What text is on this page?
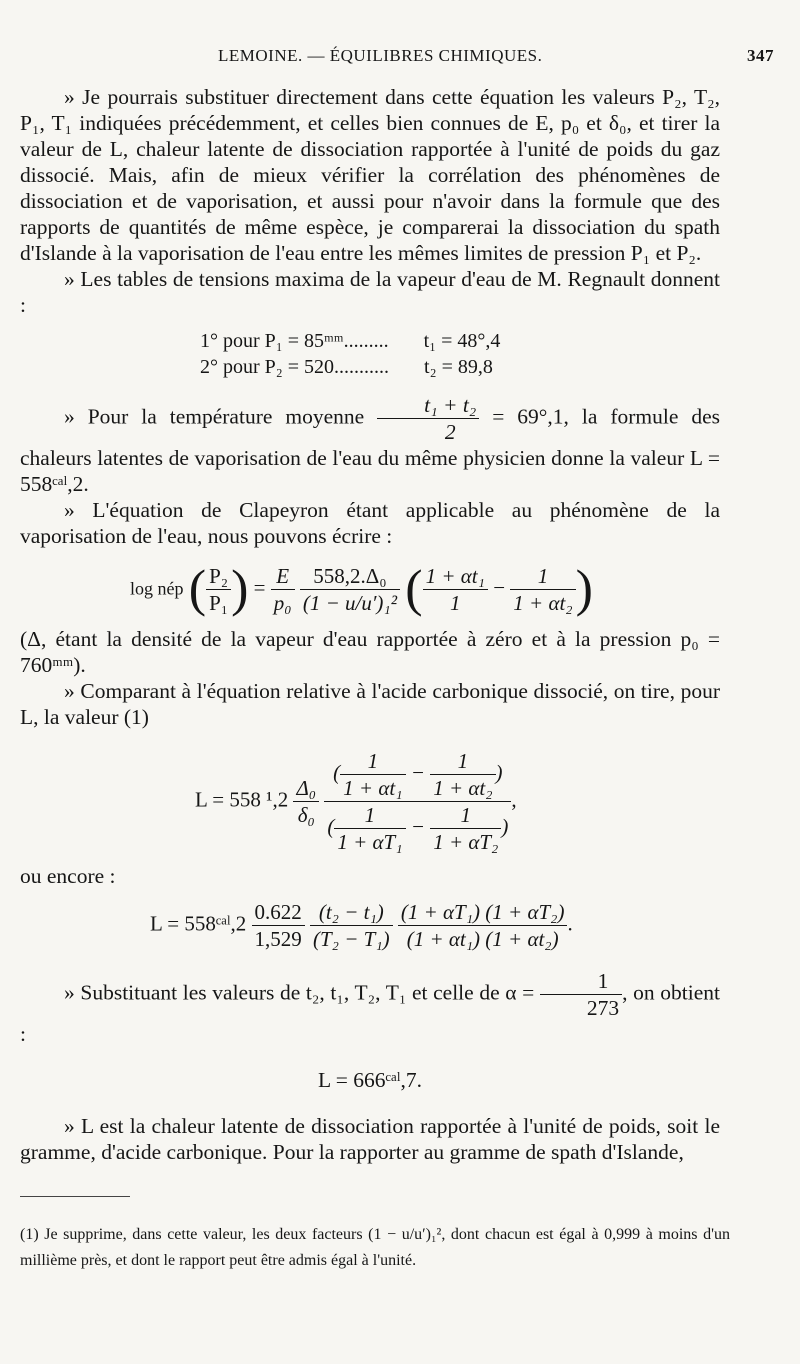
LEMOINE. — ÉQUILIBRES CHIMIQUES.	347

» Je pourrais substituer directement dans cette équation les valeurs P₂, T₂, P₁, T₁ indiquées précédemment, et celles bien connues de E, p₀ et δ₀, et tirer la valeur de L, chaleur latente de dissociation rapportée à l'unité de poids du gaz dissocié. Mais, afin de mieux vérifier la corrélation des phénomènes de dissociation et de vaporisation, et aussi pour n'avoir dans la formule que des rapports de quantités de même espèce, je comparerai la dissociation du spath d'Islande à la vaporisation de l'eau entre les mêmes limites de pression P₁ et P₂.

» Les tables de tensions maxima de la vapeur d'eau de M. Regnault donnent :

1° pour P₁ = 85ᵐᵐ......... t₁ = 48°,4
2° pour P₂ = 520........... t₂ = 89,8

» Pour la température moyenne $\frac{\text{t₁ + t₂}}{2} = 69^\circ,1$, la formule des chaleurs latentes de vaporisation de l'eau du même physicien donne la valeur L = 558ᶜᵃˡ,2.

» L'équation de Clapeyron étant applicable au phénomène de la vaporisation de l'eau, nous pouvons écrire :

log nép ( $\frac{\text{P₂}}{\text{P₁}}$ ) = $\frac{E}{\text{p₀}}$
$\frac{\text{558,2.Δ₀}}{\text{(1 − u/u′)₁²}}$ ( $\frac{\text{1 + αt₁}}{1} - \frac{1}{\text{1 + αt₂}}$ )

(Δ, étant la densité de la vapeur d'eau rapportée à zéro et à la pression p₀ = 760ᵐᵐ).

» Comparant à l'équation relative à l'acide carbonique dissocié, on tire, pour L, la valeur (1)

L = 558 $^1,2 \frac{\text{Δ₀}}{\text{δ₀}}$
$\frac{( \frac{1}{\text{1 + αt₁}} - \frac{1}{\text{1 + αt₂}} )}{( \frac{1}{\text{1 + αT₁}} - \frac{1}{\text{1 + αT₂}} )}$ ,

ou encore :

L = 558ᶜᵃˡ,2 $\frac{0.622}{1,529}$
$\frac{\text{(t₂ − t₁)}}{\text{(T₂ − T₁)}}$
$\frac{\text{(1 + αT₁) (1 + αT₂)}}{\text{(1 + αt₁) (1 + αt₂)}}$ .

» Substituant les valeurs de t₂, t₁, T₂, T₁ et celle de $\alpha = \frac{1}{273}$ , on obtient :

L = 666ᶜᵃˡ,7.

» L est la chaleur latente de dissociation rapportée à l'unité de poids, soit le gramme, d'acide carbonique. Pour la rapporter au gramme de spath d'Islande,

(1) Je supprime, dans cette valeur, les deux facteurs (1 − u/u′)₁², dont chacun est égal à 0,999 à moins d'un millième près, et dont le rapport peut être admis égal à l'unité.
